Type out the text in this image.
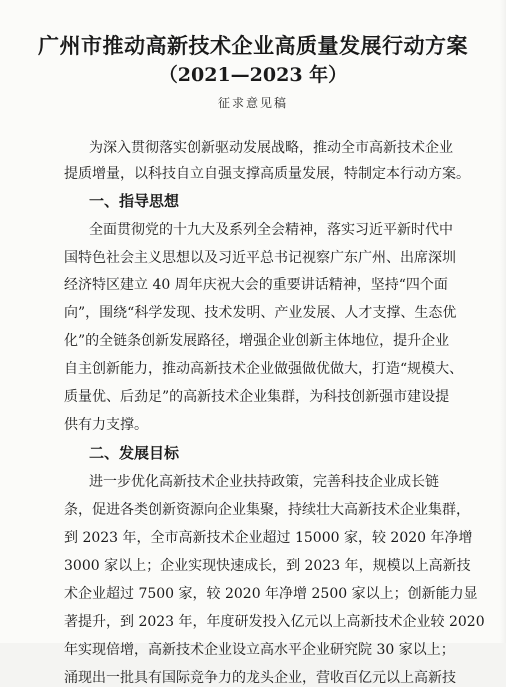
广州市推动高新技术企业高质量发展行动方案
（2021—2023 年）
征求意见稿
为深入贯彻落实创新驱动发展战略，推动全市高新技术企业
提质增量，以科技自立自强支撑高质量发展，特制定本行动方案。
一、指导思想
全面贯彻党的十九大及系列全会精神，落实习近平新时代中
国特色社会主义思想以及习近平总书记视察广东广州、出席深圳
经济特区建立 40 周年庆祝大会的重要讲话精神，坚持“四个面
向”，围绕“科学发现、技术发明、产业发展、人才支撑、生态优
化”的全链条创新发展路径，增强企业创新主体地位，提升企业
自主创新能力，推动高新技术企业做强做优做大，打造“规模大、
质量优、后劲足”的高新技术企业集群，为科技创新强市建设提
供有力支撑。
二、发展目标
进一步优化高新技术企业扶持政策，完善科技企业成长链
条，促进各类创新资源向企业集聚，持续壮大高新技术企业集群，
到 2023 年，全市高新技术企业超过 15000 家，较 2020 年净增
3000 家以上；企业实现快速成长，到 2023 年，规模以上高新技
术企业超过 7500 家，较 2020 年净增 2500 家以上；创新能力显
著提升，到 2023 年，年度研发投入亿元以上高新技术企业较 2020
年实现倍增，高新技术企业设立高水平企业研究院 30 家以上；
涌现出一批具有国际竞争力的龙头企业，营收百亿元以上高新技
